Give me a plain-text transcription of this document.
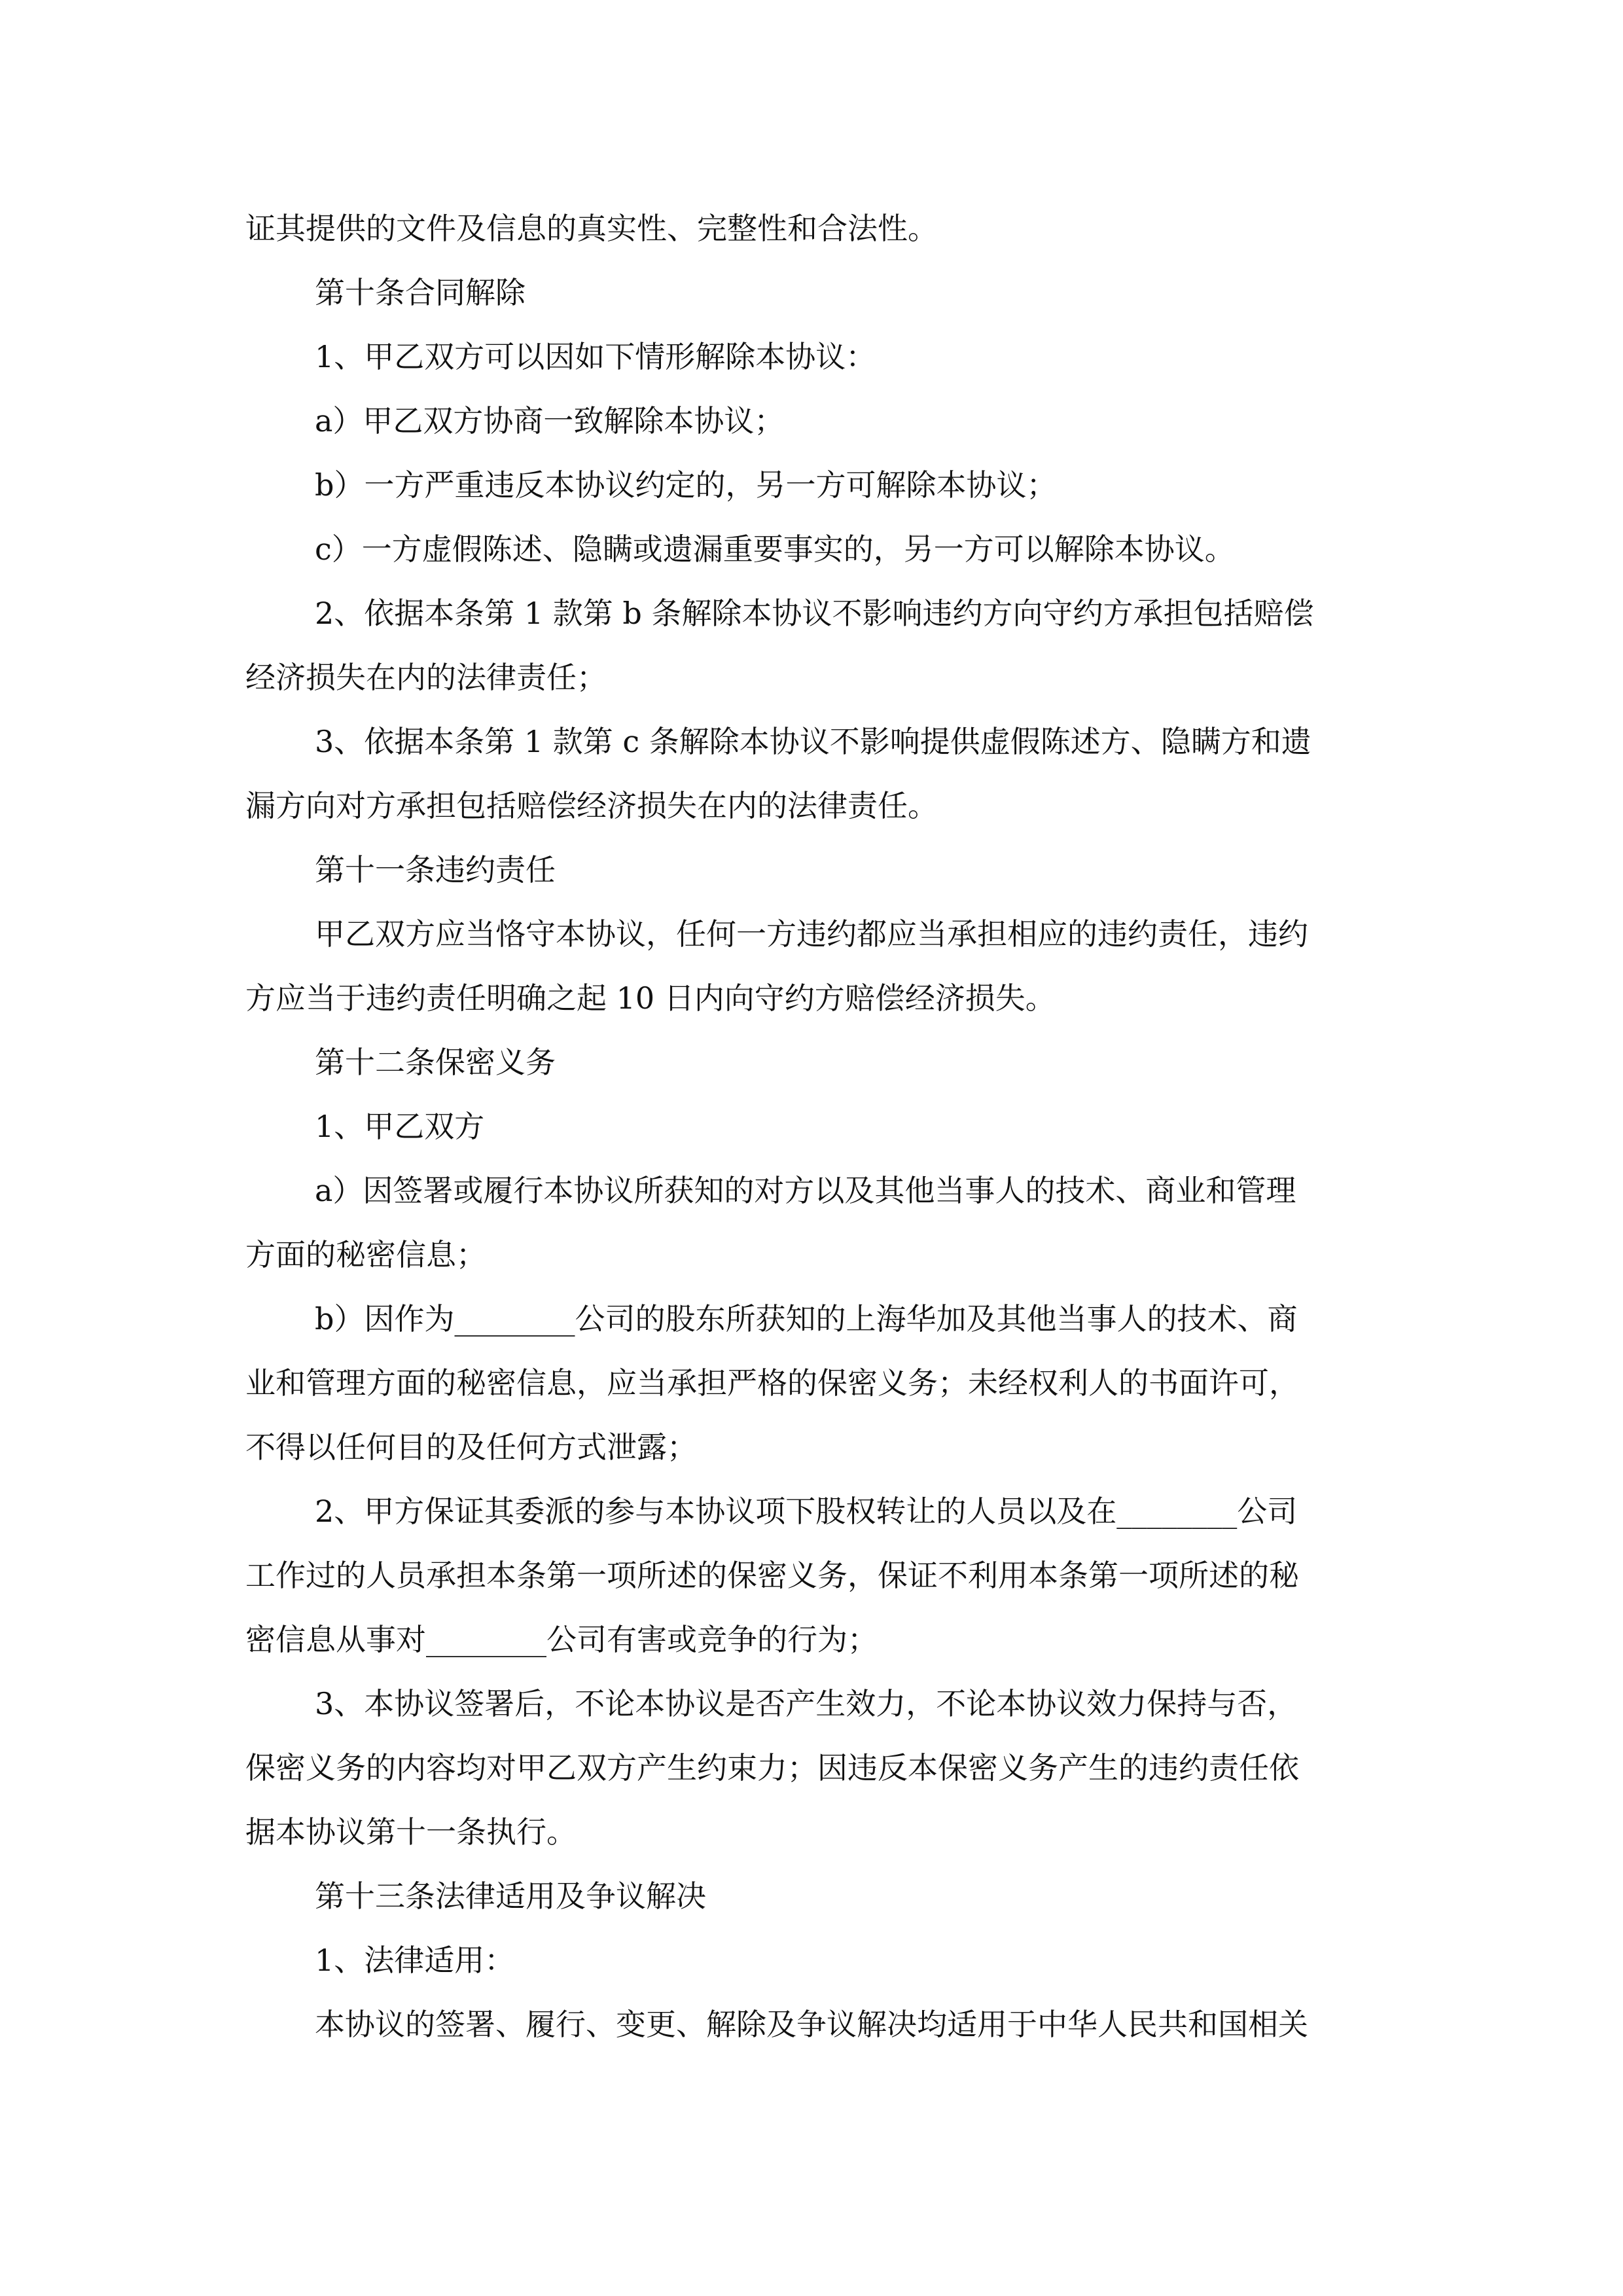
证其提供的文件及信息的真实性、完整性和合法性。
第十条合同解除
1、甲乙双方可以因如下情形解除本协议：
a）甲乙双方协商一致解除本协议；
b）一方严重违反本协议约定的，另一方可解除本协议；
c）一方虚假陈述、隐瞒或遗漏重要事实的，另一方可以解除本协议。
2、依据本条第 1 款第 b 条解除本协议不影响违约方向守约方承担包括赔偿
经济损失在内的法律责任；
3、依据本条第 1 款第 c 条解除本协议不影响提供虚假陈述方、隐瞒方和遗
漏方向对方承担包括赔偿经济损失在内的法律责任。
第十一条违约责任
甲乙双方应当恪守本协议，任何一方违约都应当承担相应的违约责任，违约
方应当于违约责任明确之起 10 日内向守约方赔偿经济损失。
第十二条保密义务
1、甲乙双方
a）因签署或履行本协议所获知的对方以及其他当事人的技术、商业和管理
方面的秘密信息；
b）因作为________公司的股东所获知的上海华加及其他当事人的技术、商
业和管理方面的秘密信息，应当承担严格的保密义务；未经权利人的书面许可，
不得以任何目的及任何方式泄露；
2、甲方保证其委派的参与本协议项下股权转让的人员以及在________公司
工作过的人员承担本条第一项所述的保密义务，保证不利用本条第一项所述的秘
密信息从事对________公司有害或竞争的行为；
3、本协议签署后，不论本协议是否产生效力，不论本协议效力保持与否，
保密义务的内容均对甲乙双方产生约束力；因违反本保密义务产生的违约责任依
据本协议第十一条执行。
第十三条法律适用及争议解决
1、法律适用：
本协议的签署、履行、变更、解除及争议解决均适用于中华人民共和国相关
